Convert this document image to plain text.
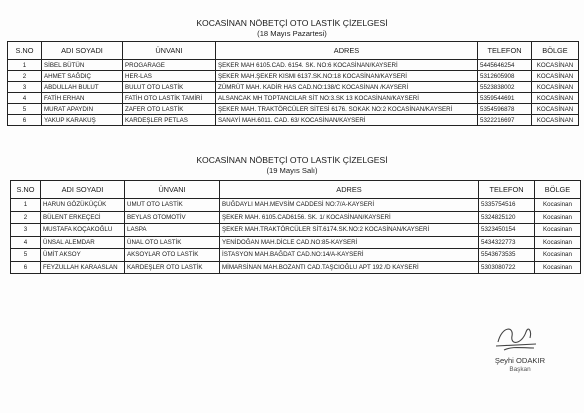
KOCASİNAN NÖBETÇİ OTO LASTİK ÇİZELGESİ
(18 Mayıs Pazartesi)
S.NO	ADI SOYADI	ÜNVANI	ADRES	TELEFON	BÖLGE
1	SİBEL BÜTÜN	PROGARAGE	ŞEKER MAH 6105.CAD. 6154. SK. NO:6 KOCASİNAN/KAYSERİ	5445646254	KOCASİNAN
2	AHMET SAĞDIÇ	HER-LAS	ŞEKER MAH.ŞEKER KISMI 6137.SK.NO:18 KOCASİNAN/KAYSERİ	5312605908	KOCASİNAN
3	ABDULLAH BULUT	BULUT OTO LASTİK	ZÜMRÜT MAH. KADİR HAS CAD.NO:138/C KOCASİNAN /KAYSERİ	5523838002	KOCASİNAN
4	FATİH ERHAN	FATİH OTO LASTİK TAMİRİ	ALSANCAK MH TOPTANCILAR SİT NO:3.SK 13 KOCASİNAN/KAYSERİ	5359544691	KOCASİNAN
5	MURAT APAYDIN	ZAFER OTO LASTİK	ŞEKER MAH. TRAKTÖRCÜLER SİTESİ 6176. SOKAK NO:2 KOCASİNAN/KAYSERİ	5354596878	KOCASİNAN
6	YAKUP KARAKUŞ	KARDEŞLER PETLAS	SANAYİ MAH.6011. CAD. 63/ KOCASİNAN/KAYSERİ	5322216697	KOCASİNAN
KOCASİNAN NÖBETÇİ OTO LASTİK ÇİZELGESİ
(19 Mayıs Salı)
S.NO	ADI SOYADI	ÜNVANI	ADRES	TELEFON	BÖLGE
1	HARUN GÖZÜKÜÇÜK	UMUT OTO LASTİK	BUĞDAYLI MAH.MEVSİM CADDESİ NO:7/A-KAYSERİ	5335754516	Kocasinan
2	BÜLENT ERKEÇECİ	BEYLAS OTOMOTİV	ŞEKER MAH. 6105.CAD6156. SK. 1/ KOCASİNAN/KAYSERİ	5324825120	Kocasinan
3	MUSTAFA KOÇAKOĞLU	LASPA	ŞEKER MAH.TRAKTÖRCÜLER SİT.6174.SK.NO:2 KOCASİNAN/KAYSERİ	5323450154	Kocasinan
4	ÜNSAL ALEMDAR	ÜNAL OTO LASTİK	YENİDOĞAN MAH.DİCLE CAD.NO:85-KAYSERİ	5434322773	Kocasinan
5	ÜMİT AKSOY	AKSOYLAR OTO LASTİK	İSTASYON MAH.BAĞDAT CAD.NO:14/A-KAYSERİ	5543673535	Kocasinan
6	FEYZULLAH KARAASLAN	KARDEŞLER OTO LASTİK	MİMARSİNAN MAH.BOZANTI CAD.TAŞCIOĞLU APT 192 /D KAYSERİ	5303080722	Kocasinan
Şeyhi ODAKIR
Başkan
